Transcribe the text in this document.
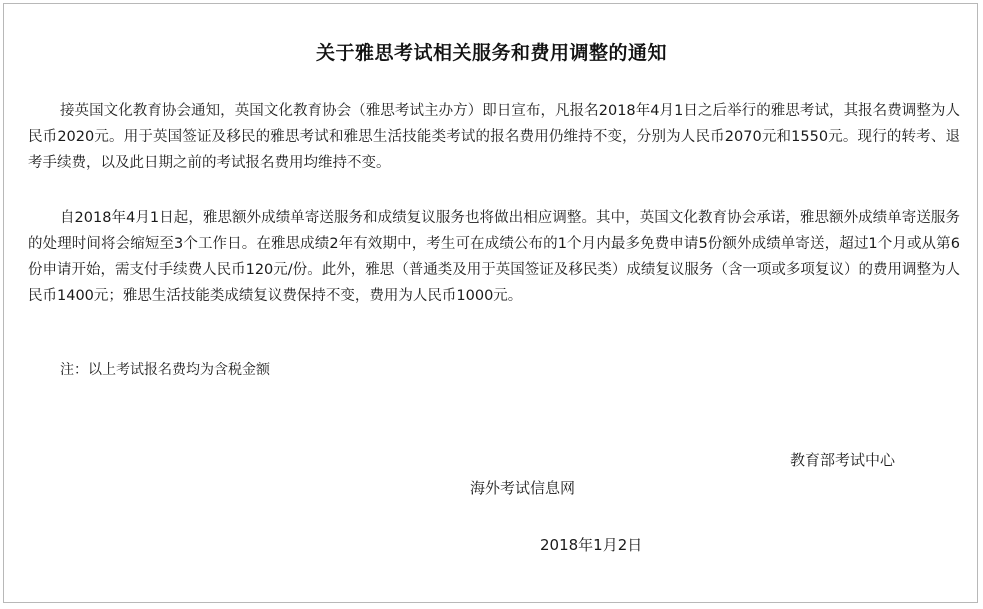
关于雅思考试相关服务和费用调整的通知

接英国文化教育协会通知，英国文化教育协会（雅思考试主办方）即日宣布，凡报名2018年4月1日之后举行的雅思考试，其报名费调整为人民币2020元。用于英国签证及移民的雅思考试和雅思生活技能类考试的报名费用仍维持不变，分别为人民币2070元和1550元。现行的转考、退考手续费，以及此日期之前的考试报名费用均维持不变。

自2018年4月1日起，雅思额外成绩单寄送服务和成绩复议服务也将做出相应调整。其中，英国文化教育协会承诺，雅思额外成绩单寄送服务的处理时间将会缩短至3个工作日。在雅思成绩2年有效期中，考生可在成绩公布的1个月内最多免费申请5份额外成绩单寄送，超过1个月或从第6份申请开始，需支付手续费人民币120元/份。此外，雅思（普通类及用于英国签证及移民类）成绩复议服务（含一项或多项复议）的费用调整为人民币1400元；雅思生活技能类成绩复议费保持不变，费用为人民币1000元。

注：以上考试报名费均为含税金额
教育部考试中心
海外考试信息网
2018年1月2日
